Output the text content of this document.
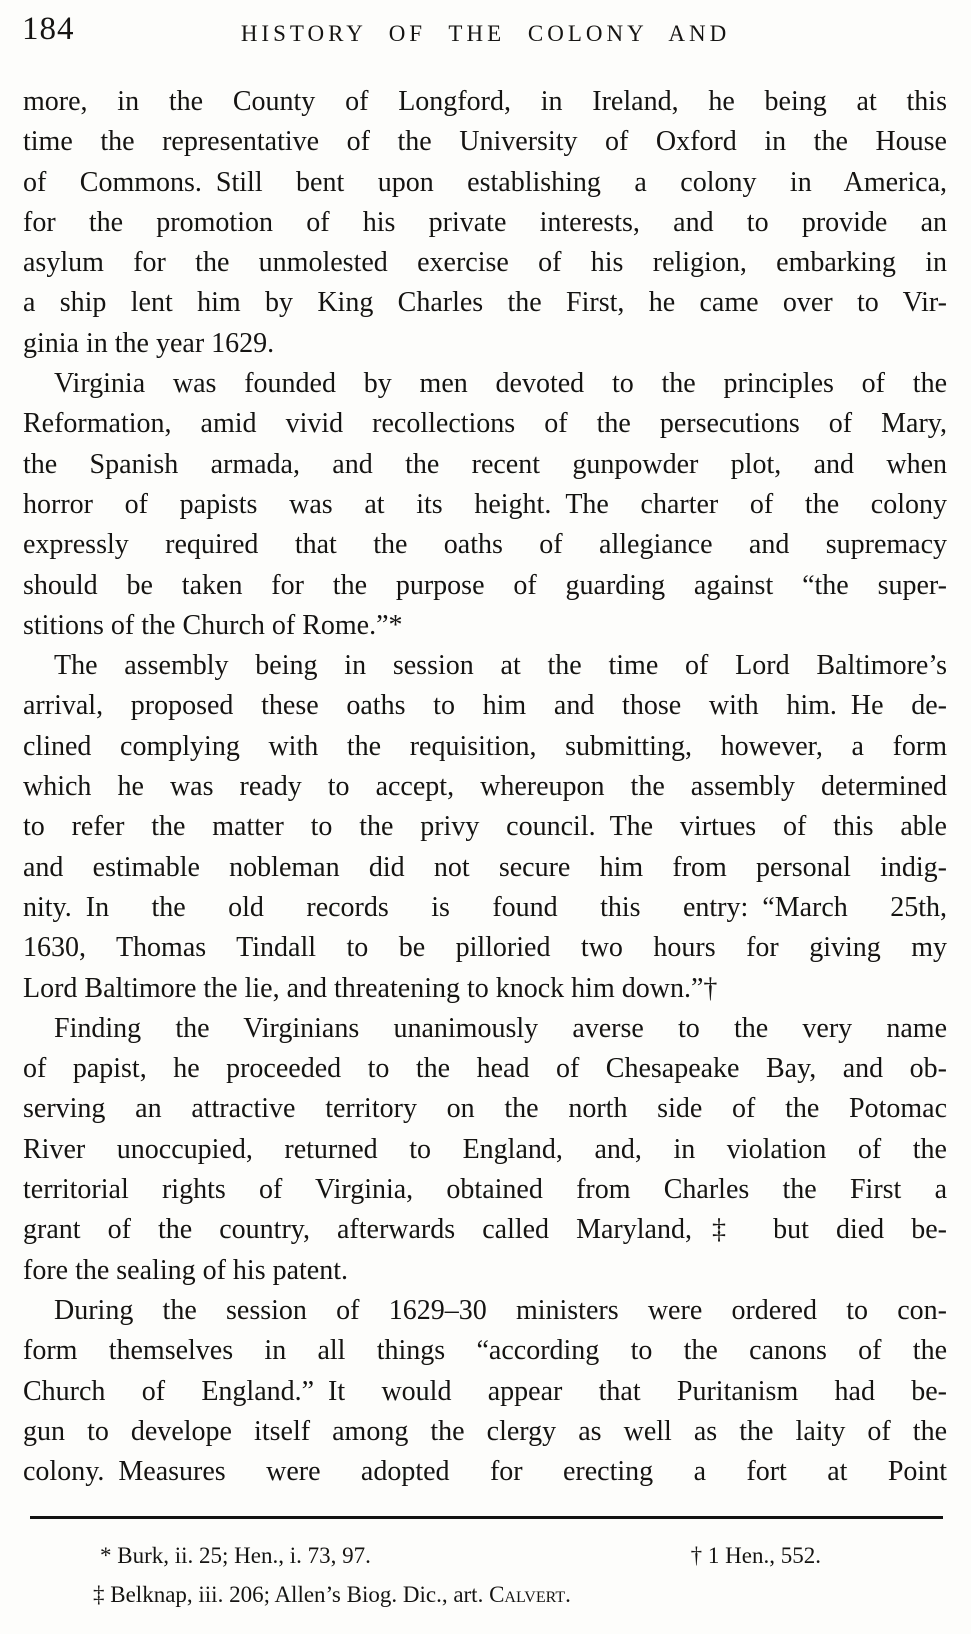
184	HISTORY OF THE COLONY AND
more, in the County of Longford, in Ireland, he being at this
time the representative of the University of Oxford in the House
of Commons. Still bent upon establishing a colony in America,
for the promotion of his private interests, and to provide an
asylum for the unmolested exercise of his religion, embarking in
a ship lent him by King Charles the First, he came over to Vir-
ginia in the year 1629.
Virginia was founded by men devoted to the principles of the
Reformation, amid vivid recollections of the persecutions of Mary,
the Spanish armada, and the recent gunpowder plot, and when
horror of papists was at its height. The charter of the colony
expressly required that the oaths of allegiance and supremacy
should be taken for the purpose of guarding against “the super-
stitions of the Church of Rome.”*
The assembly being in session at the time of Lord Baltimore’s
arrival, proposed these oaths to him and those with him. He de-
clined complying with the requisition, submitting, however, a form
which he was ready to accept, whereupon the assembly determined
to refer the matter to the privy council. The virtues of this able
and estimable nobleman did not secure him from personal indig-
nity. In the old records is found this entry: “March 25th,
1630, Thomas Tindall to be pilloried two hours for giving my
Lord Baltimore the lie, and threatening to knock him down.”†
Finding the Virginians unanimously averse to the very name
of papist, he proceeded to the head of Chesapeake Bay, and ob-
serving an attractive territory on the north side of the Potomac
River unoccupied, returned to England, and, in violation of the
territorial rights of Virginia, obtained from Charles the First a
grant of the country, afterwards called Maryland,‡ but died be-
fore the sealing of his patent.
During the session of 1629–30 ministers were ordered to con-
form themselves in all things “according to the canons of the
Church of England.” It would appear that Puritanism had be-
gun to develope itself among the clergy as well as the laity of the
colony. Measures were adopted for erecting a fort at Point
* Burk, ii. 25; Hen., i. 73, 97.	† 1 Hen., 552.
‡ Belknap, iii. 206; Allen’s Biog. Dic., art. Calvert.
